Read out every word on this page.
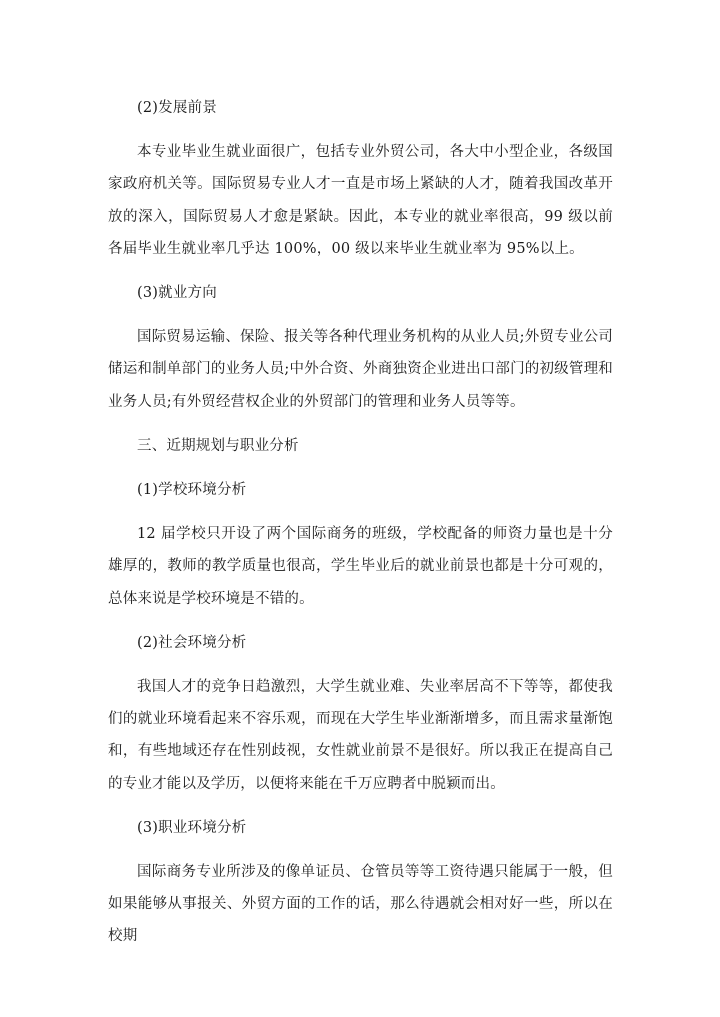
(2)发展前景

本专业毕业生就业面很广，包括专业外贸公司，各大中小型企业，各级国家政府机关等。国际贸易专业人才一直是市场上紧缺的人才，随着我国改革开放的深入，国际贸易人才愈是紧缺。因此，本专业的就业率很高，99 级以前各届毕业生就业率几乎达 100%，00 级以来毕业生就业率为 95%以上。

(3)就业方向

国际贸易运输、保险、报关等各种代理业务机构的从业人员;外贸专业公司储运和制单部门的业务人员;中外合资、外商独资企业进出口部门的初级管理和业务人员;有外贸经营权企业的外贸部门的管理和业务人员等等。

三、近期规划与职业分析

(1)学校环境分析

12 届学校只开设了两个国际商务的班级，学校配备的师资力量也是十分雄厚的，教师的教学质量也很高，学生毕业后的就业前景也都是十分可观的，总体来说是学校环境是不错的。

(2)社会环境分析

我国人才的竞争日趋激烈，大学生就业难、失业率居高不下等等，都使我们的就业环境看起来不容乐观，而现在大学生毕业渐渐增多，而且需求量渐饱和，有些地域还存在性别歧视，女性就业前景不是很好。所以我正在提高自己的专业才能以及学历，以便将来能在千万应聘者中脱颖而出。

(3)职业环境分析

国际商务专业所涉及的像单证员、仓管员等等工资待遇只能属于一般，但如果能够从事报关、外贸方面的工作的话，那么待遇就会相对好一些，所以在校期
